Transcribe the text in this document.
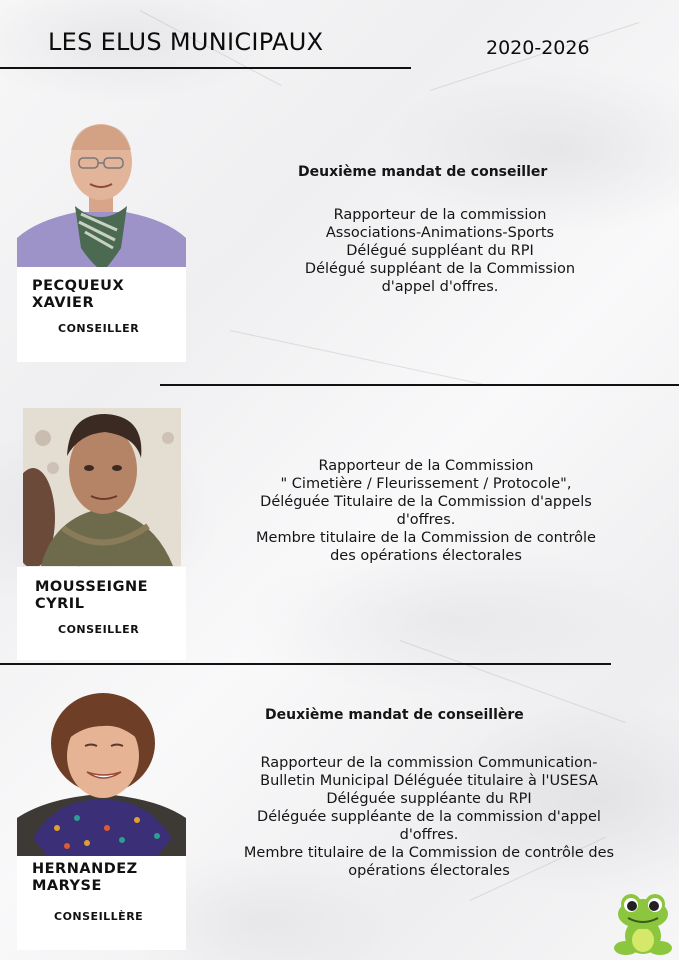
LES ELUS MUNICIPAUX	2020-2026
PECQUEUX
XAVIER
CONSEILLER
Deuxième mandat de conseiller
Rapporteur de la commission
Associations-Animations-Sports
Délégué suppléant du RPI
Délégué suppléant de la Commission
d'appel d'offres.
MOUSSEIGNE
CYRIL
CONSEILLER
Rapporteur de la Commission
" Cimetière / Fleurissement / Protocole",
Déléguée Titulaire de la Commission d'appels
d'offres.
Membre titulaire de la Commission de contrôle
des opérations électorales
HERNANDEZ
MARYSE
CONSEILLÈRE
Deuxième mandat de conseillère
Rapporteur de la commission Communication-
Bulletin Municipal Déléguée titulaire à l'USESA
Déléguée suppléante du RPI
Déléguée suppléante de la commission d'appel
d'offres.
Membre titulaire de la Commission de contrôle des
opérations électorales
